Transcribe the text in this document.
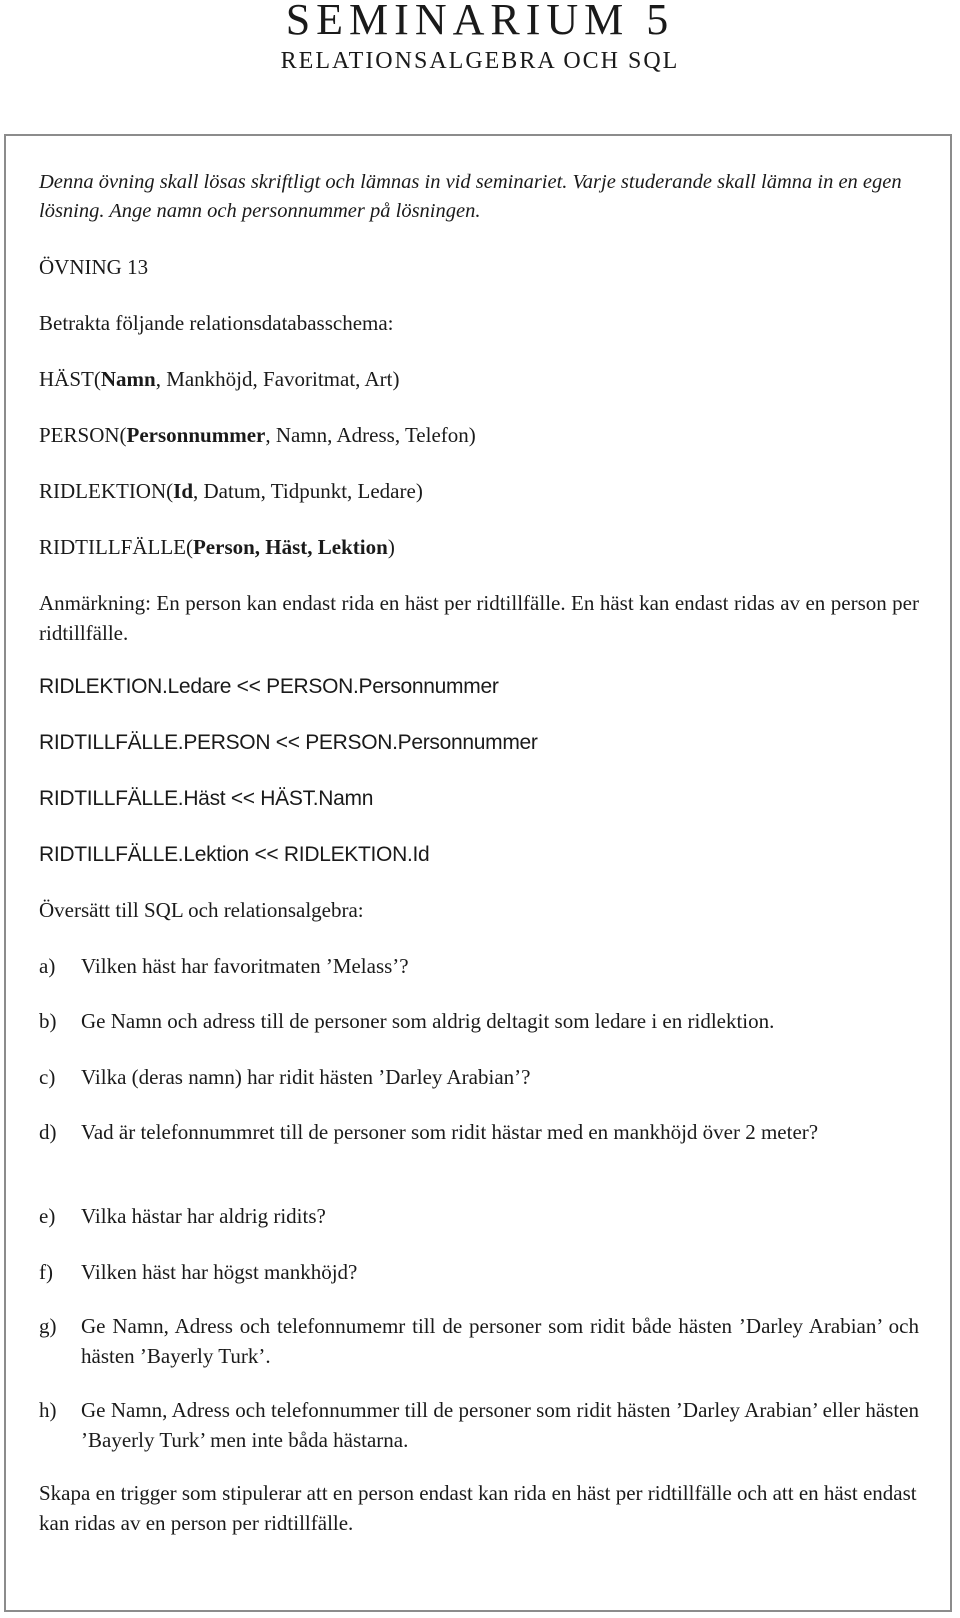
SEMINARIUM 5
RELATIONSALGEBRA OCH SQL
Denna övning skall lösas skriftligt och lämnas in vid seminariet. Varje studerande skall lämna in en egen lösning. Ange namn och personnummer på lösningen.
ÖVNING 13
Betrakta följande relationsdatabasschema:
HÄST(Namn, Mankhöjd, Favoritmat, Art)
PERSON(Personnummer, Namn, Adress, Telefon)
RIDLEKTION(Id, Datum, Tidpunkt, Ledare)
RIDTILLFÄLLE(Person, Häst, Lektion)
Anmärkning: En person kan endast rida en häst per ridtillfälle. En häst kan endast ridas av en person per ridtillfälle.
RIDLEKTION.Ledare << PERSON.Personnummer
RIDTILLFÄLLE.PERSON << PERSON.Personnummer
RIDTILLFÄLLE.Häst << HÄST.Namn
RIDTILLFÄLLE.Lektion << RIDLEKTION.Id
Översätt till SQL och relationsalgebra:
a) Vilken häst har favoritmaten ’Melass’?
b) Ge Namn och adress till de personer som aldrig deltagit som ledare i en ridlektion.
c) Vilka (deras namn) har ridit hästen ’Darley Arabian’?
d) Vad är telefonnummret till de personer som ridit hästar med en mankhöjd över 2 meter?
e) Vilka hästar har aldrig ridits?
f) Vilken häst har högst mankhöjd?
g) Ge Namn, Adress och telefonnumemr till de personer som ridit både hästen ’Darley Arabian’ och hästen ’Bayerly Turk’.
h) Ge Namn, Adress och telefonnummer till de personer som ridit hästen ’Darley Arabian’ eller hästen ’Bayerly Turk’ men inte båda hästarna.
Skapa en trigger som stipulerar att en person endast kan rida en häst per ridtillfälle och att en häst endast kan ridas av en person per ridtillfälle.
